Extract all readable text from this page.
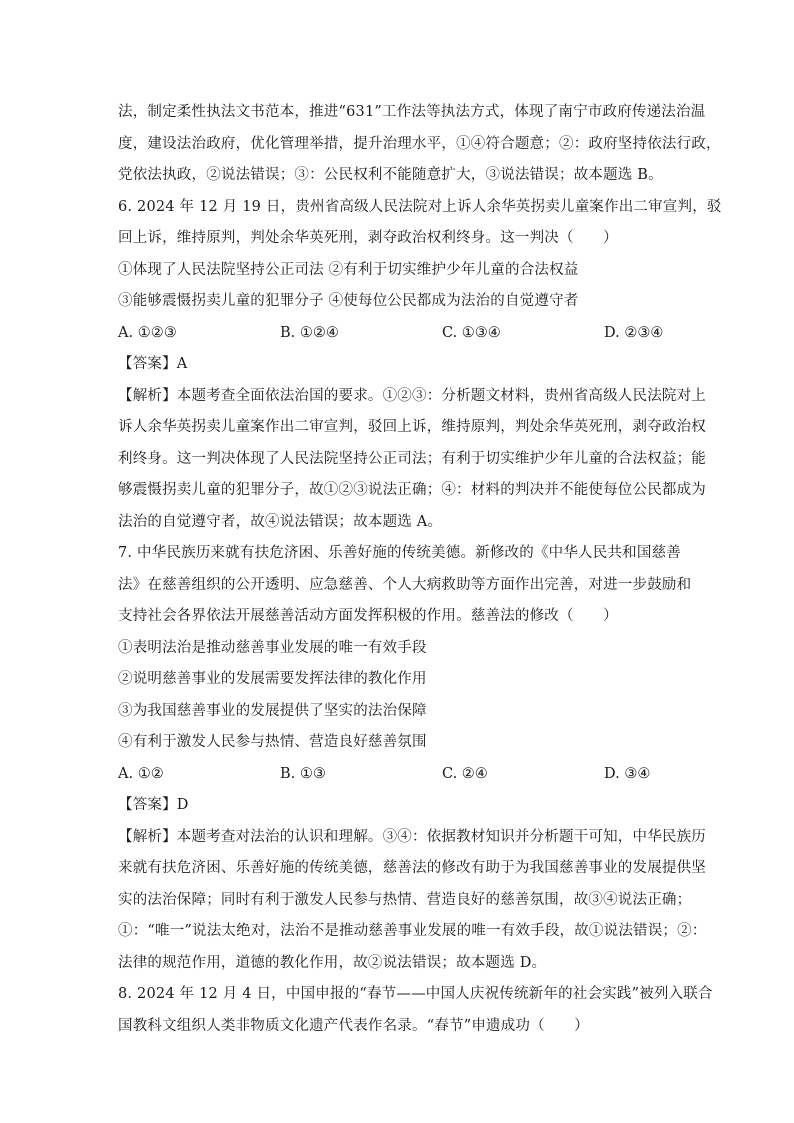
法，制定柔性执法文书范本，推进“631”工作法等执法方式，体现了南宁市政府传递法治温
度，建设法治政府，优化管理举措，提升治理水平，①④符合题意；②：政府坚持依法行政，
党依法执政，②说法错误；③：公民权利不能随意扩大，③说法错误；故本题选 B。
6. 2024 年 12 月 19 日，贵州省高级人民法院对上诉人余华英拐卖儿童案作出二审宣判，驳
回上诉，维持原判，判处余华英死刑，剥夺政治权利终身。这一判决（　　）
①体现了人民法院坚持公正司法 ②有利于切实维护少年儿童的合法权益
③能够震慑拐卖儿童的犯罪分子 ④使每位公民都成为法治的自觉遵守者
【答案】A
【解析】本题考查全面依法治国的要求。①②③：分析题文材料，贵州省高级人民法院对上
诉人余华英拐卖儿童案作出二审宣判，驳回上诉，维持原判，判处余华英死刑，剥夺政治权
利终身。这一判决体现了人民法院坚持公正司法；有利于切实维护少年儿童的合法权益；能
够震慑拐卖儿童的犯罪分子，故①②③说法正确；④：材料的判决并不能使每位公民都成为
法治的自觉遵守者，故④说法错误；故本题选 A。
7. 中华民族历来就有扶危济困、乐善好施的传统美德。新修改的《中华人民共和国慈善
法》在慈善组织的公开透明、应急慈善、个人大病救助等方面作出完善，对进一步鼓励和
支持社会各界依法开展慈善活动方面发挥积极的作用。慈善法的修改（　　）
①表明法治是推动慈善事业发展的唯一有效手段
②说明慈善事业的发展需要发挥法律的教化作用
③为我国慈善事业的发展提供了坚实的法治保障
④有利于激发人民参与热情、营造良好慈善氛围
【答案】D
【解析】本题考查对法治的认识和理解。③④：依据教材知识并分析题干可知，中华民族历
来就有扶危济困、乐善好施的传统美德，慈善法的修改有助于为我国慈善事业的发展提供坚
实的法治保障；同时有利于激发人民参与热情、营造良好的慈善氛围，故③④说法正确；
①：“唯一”说法太绝对，法治不是推动慈善事业发展的唯一有效手段，故①说法错误；②：
法律的规范作用，道德的教化作用，故②说法错误；故本题选 D。
8. 2024 年 12 月 4 日，中国申报的“春节——中国人庆祝传统新年的社会实践”被列入联合
国教科文组织人类非物质文化遗产代表作名录。“春节”申遗成功（　　）
A. ①②③	B. ①②④	C. ①③④	D. ②③④
A. ①②	B. ①③	C. ②④	D. ③④
